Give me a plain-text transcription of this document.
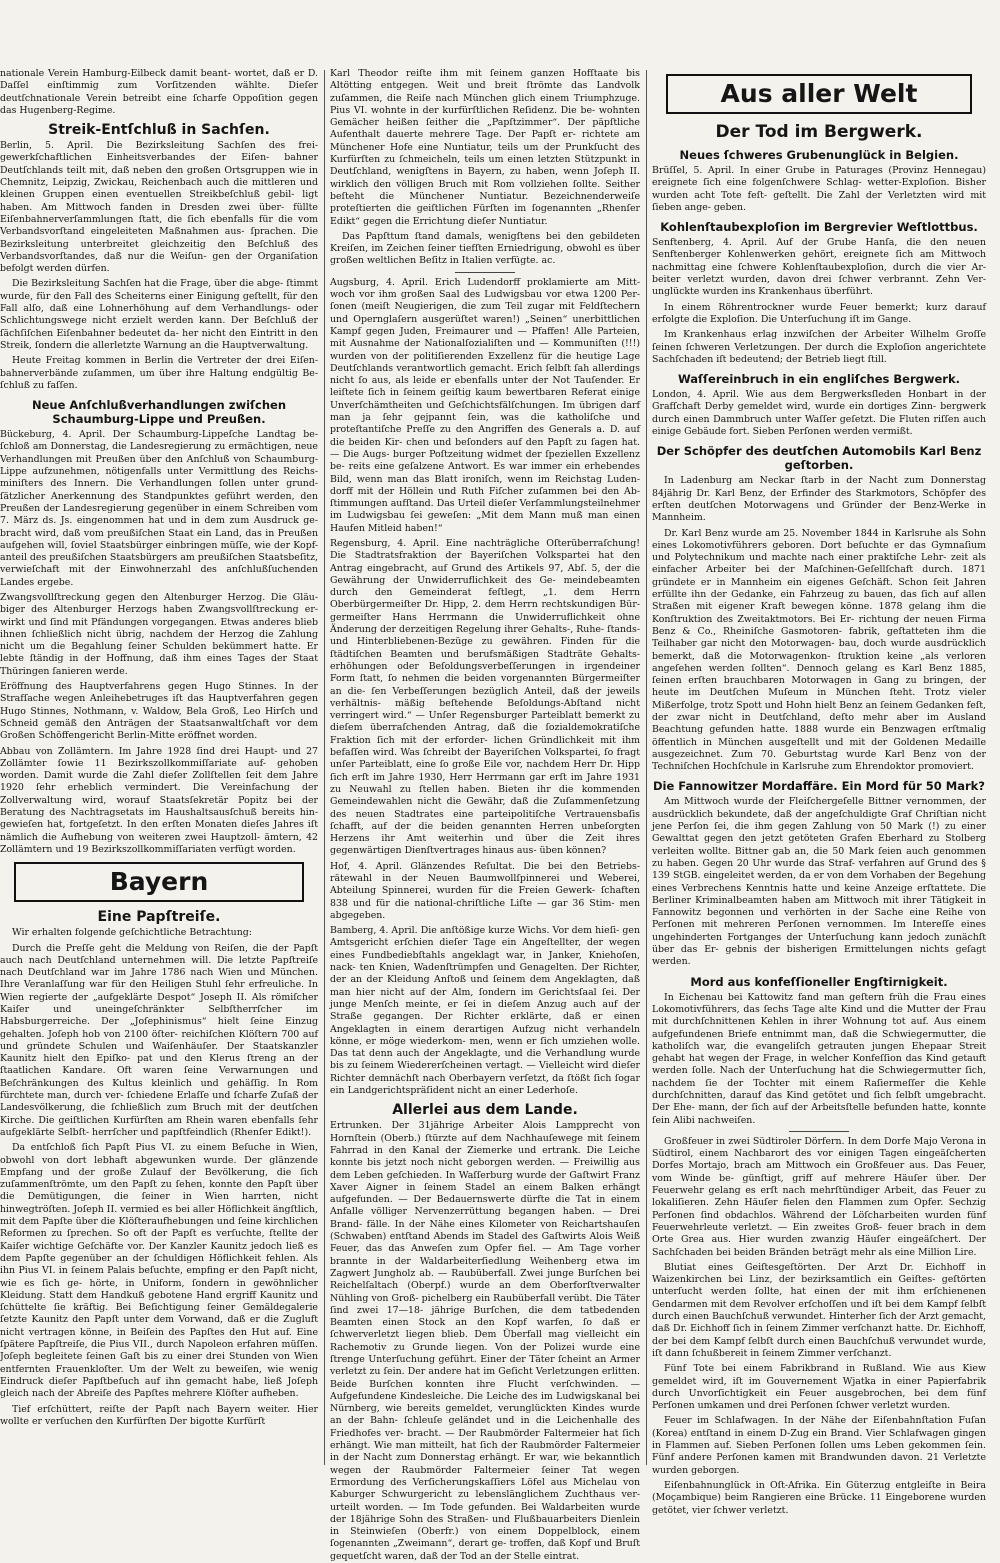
nationale Verein Hamburg-Eilbeck damit beant- wortet, daß er D. Daſſel einſtimmig zum Vorſitzenden wählte. Dieſer deutſchnationale Verein betreibt eine ſcharfe Oppoſition gegen das Hugenberg-Regime.

Streik-Entſchluß in Sachſen.

Berlin, 5. April. Die Bezirksleitung Sachſen des frei- gewerkſchaftlichen Einheitsverbandes der Eiſen- bahner Deutſchlands teilt mit, daß neben den großen Ortsgruppen wie in Chemnitz, Leipzig, Zwickau, Reichenbach auch die mittleren und kleinen Gruppen einen eventuellen Streikbeſchluß gebil- ligt haben. Am Mittwoch fanden in Dresden zwei über- füllte Eiſenbahnerverſammlungen ſtatt, die ſich ebenfalls für die vom Verbandsvorſtand eingeleiteten Maßnahmen aus- ſprachen. Die Bezirksleitung unterbreitet gleichzeitig den Beſchluß des Verbandsvorſtandes, daß nur die Weiſun- gen der Organiſation befolgt werden dürfen.

Die Bezirksleitung Sachſen hat die Frage, über die abge- ſtimmt wurde, für den Fall des Scheiterns einer Einigung geſtellt, für den Fall alſo, daß eine Lohnerhöhung auf dem Verhandlungs- oder Schlichtungswege nicht erzielt werden kann. Der Beſchluß der ſächſiſchen Eiſenbahner bedeutet da- her nicht den Eintritt in den Streik, ſondern die allerletzte Warnung an die Hauptverwaltung.

Heute Freitag kommen in Berlin die Vertreter der drei Eiſen- bahnerverbände zuſammen, um über ihre Haltung endgültig Be- ſchluß zu faſſen.

Neue Anſchlußverhandlungen zwiſchen Schaumburg-Lippe und Preußen.

Bückeburg, 4. April. Der Schaumburg-Lippeſche Landtag be- ſchloß am Donnerstag, die Landesregierung zu ermächtigen, neue Verhandlungen mit Preußen über den Anſchluß von Schaumburg- Lippe aufzunehmen, nötigenfalls unter Vermittlung des Reichs- miniſters des Innern. Die Verhandlungen ſollen unter grund- ſätzlicher Anerkennung des Standpunktes geführt werden, den Preußen der Landesregierung gegenüber in einem Schreiben vom 7. März ds. Js. eingenommen hat und in dem zum Ausdruck ge- bracht wird, daß vom preußiſchen Staat ein Land, das in Preußen aufgehen will, ſoviel Staatsbürger einbringen müſſe, wie der Kopf- anteil des preußiſchen Staatsbürgers am preußiſchen Staatsbeſitz, verwieſchaft mit der Einwohnerzahl des anſchlußſuchenden Landes ergebe.

Zwangsvollſtreckung gegen den Altenburger Herzog. Die Gläu- biger des Altenburger Herzogs haben Zwangsvollſtreckung er- wirkt und ſind mit Pfändungen vorgegangen. Etwas anderes blieb ihnen ſchließlich nicht übrig, nachdem der Herzog die Zahlung nicht um die Begahlung ſeiner Schulden bekümmert hatte. Er lebte ſtändig in der Hoffnung, daß ihm eines Tages der Staat Thüringen ſanieren werde.

Eröffnung des Hauptverfahrens gegen Hugo Stinnes. In der Strafſache wegen Anleihebetruges iſt das Hauptverfahren gegen Hugo Stinnes, Nothmann, v. Waldow, Bela Groß, Leo Hirſch und Schneid gemäß den Anträgen der Staatsanwaltſchaft vor dem Großen Schöffengericht Berlin-Mitte eröffnet worden.

Abbau von Zollämtern. Im Jahre 1928 ſind drei Haupt- und 27 Zollämter ſowie 11 Bezirkszollkommiſſariate auf- gehoben worden. Damit wurde die Zahl dieſer Zollſtellen ſeit dem Jahre 1920 ſehr erheblich vermindert. Die Vereinfachung der Zollverwaltung wird, worauf Staatsſekretär Popitz bei der Beratung des Nachtragsetats im Haushaltsausſchuß bereits hin- gewieſen hat, fortgeſetzt. In den erſten Monaten dieſes Jahres iſt nämlich die Aufhebung von weiteren zwei Hauptzoll- ämtern, 42 Zollämtern und 19 Bezirkszollkommiſſariaten verfügt worden.

Bayern
Eine Papſtreiſe.

Wir erhalten folgende geſchichtliche Betrachtung:

Durch die Preſſe geht die Meldung von Reiſen, die der Papſt auch nach Deutſchland unternehmen will. Die letzte Papſtreiſe nach Deutſchland war im Jahre 1786 nach Wien und München. Ihre Veranlaſſung war für den Heiligen Stuhl ſehr erfreuliche. In Wien regierte der „aufgeklärte Despot“ Joseph II. Als römiſcher Kaiſer und uneingeſchränkter Selbſtherrſcher im Habsburgerreiche. Der „Joſephinismus“ hielt ſeine Einzug gehalten. Joſeph hob von 2100 öſter- reichiſchen Klöſtern 700 auf und gründete Schulen und Waiſenhäuſer. Der Staatskanzler Kaunitz hielt den Epiſko- pat und den Klerus ſtreng an der ſtaatlichen Kandare. Oft waren ſeine Verwarnungen und Beſchränkungen des Kultus kleinlich und gehäſſig. In Rom fürchtete man, durch ver- ſchiedene Erlaſſe und ſcharfe Zuſaß der Landesvölkerung, die ſchließlich zum Bruch mit der deutſchen Kirche. Die geiſtlichen Kurfürſten am Rhein waren ebenfalls ſehr aufgeklärte Selbſt- herrſcher und papſtfeindlich (Rhenſer Edikt!).

Da entſchloß ſich Papſt Pius VI. zu einem Beſuche in Wien, obwohl von dort lebhaft abgewunken wurde. Der glänzende Empfang und der große Zulauf der Bevölkerung, die ſich zuſammenſtrömte, um den Papſt zu ſehen, konnte den Papſt über die Demütigungen, die ſeiner in Wien harrten, nicht hinwegtröſten. Joſeph II. vermied es bei aller Höflichkeit ängſtlich, mit dem Papſte über die Klöſteraufhebungen und ſeine kirchlichen Reformen zu ſprechen. So oft der Papſt es verſuchte, ſtellte der Kaiſer wichtige Geſchäfte vor. Der Kanzler Kaunitz jedoch ließ es dem Papſte gegenüber an der ſchuldigen Höflichkeit fehlen. Als ihn Pius VI. in ſeinem Palais beſuchte, empfing er den Papſt nicht, wie es ſich ge- hörte, in Uniform, ſondern in gewöhnlicher Kleidung. Statt dem Handkuß gebotene Hand ergriff Kaunitz und ſchüttelte ſie kräftig. Bei Beſichtigung ſeiner Gemäldegalerie ſetzte Kaunitz den Papſt unter dem Vorwand, daß er die Zugluft nicht vertragen könne, in Beiſein des Papſtes den Hut auf. Eine ſpätere Papſtreiſe, die Pius VII., durch Napoleon erfahren müſſen. Joſeph begleitete ſeinen Gaſt bis zu einer drei Stunden von Wien entfernten Frauenkloſter. Um der Welt zu beweiſen, wie wenig Eindruck dieſer Papſtbeſuch auf ihn gemacht habe, ließ Joſeph gleich nach der Abreiſe des Papſtes mehrere Klöſter aufheben.

Tief erſchüttert, reiſte der Papſt nach Bayern weiter. Hier wollte er verſuchen den Kurfürſten Der bigotte Kurfürſt

Karl Theodor reiſte ihm mit ſeinem ganzen Hofſtaate bis Altötting entgegen. Weit und breit ſtrömte das Landvolk zuſammen, die Reiſe nach München glich einem Triumphzuge. Pius VI. wohnte in der kurfürſtlichen Reſidenz. Die be- wohnten Gemächer heißen ſeither die „Papſtzimmer“. Der päpſtliche Aufenthalt dauerte mehrere Tage. Der Papſt er- richtete am Münchener Hofe eine Nuntiatur, teils um der Prunkſucht des Kurfürſten zu ſchmeicheln, teils um einen letzten Stützpunkt in Deutſchland, wenigſtens in Bayern, zu haben, wenn Joſeph II. wirklich den völligen Bruch mit Rom vollziehen ſollte. Seither beſteht die Münchener Nuntiatur. Bezeichnenderweiſe proteſtierten die geiſtlichen Fürſten im ſogenannten „Rhenſer Edikt“ gegen die Errichtung dieſer Nuntiatur.

Das Papſttum ſtand damals, wenigſtens bei den gebildeten Kreiſen, im Zeichen ſeiner tiefſten Erniedrigung, obwohl es über großen weltlichen Beſitz in Italien verfügte. ac.

Augsburg, 4. April. Erich Ludendorff proklamierte am Mitt- woch vor ihm großen Saal des Ludwigsbau vor etwa 1200 Per- ſonen (meiſt Neugierigen, die zum Teil zugar mit Feldſtechern und Opernglaſern ausgerüſtet waren!) „Seinen“ unerbittlichen Kampf gegen Juden, Freimaurer und — Pfaffen! Alle Parteien, mit Ausnahme der Nationalſozialiſten und — Kommuniſten (!!!) wurden von der politiſierenden Exzellenz für die heutige Lage Deutſchlands verantwortlich gemacht. Erich ſelbſt ſah allerdings nicht ſo aus, als leide er ebenfalls unter der Not Tauſender. Er leiſtete ſich in ſeinem geiſtig kaum bewertbaren Referat einige Unverſchämtheiten und Geſchichtsfälſchungen. Im übrigen darf man ja ſehr gejpannt ſein, was die katholiſche und proteſtantiſche Preſſe zu den Angriffen des Generals a. D. auf die beiden Kir- chen und beſonders auf den Papſt zu ſagen hat. — Die Augs- burger Poſtzeitung widmet der ſpeziellen Exzellenz be- reits eine geſalzene Antwort. Es war immer ein erhebendes Bild, wenn man das Blatt ironiſch, wenn im Reichstag Luden- dorff mit der Höllein und Ruth Fiſcher zuſammen bei den Ab- ſtimmungen aufſtand. Das Urteil dieſer Verſammlungsteilnehmer im Ludwigsbau ſei geweſen: „Mit dem Mann muß man einen Haufen Mitleid haben!“

Regensburg, 4. April. Eine nachträgliche Oſterüberraſchung! Die Stadtratsfraktion der Bayeriſchen Volkspartei hat den Antrag eingebracht, auf Grund des Artikels 97, Abſ. 5, der die Gewährung der Unwiderruflichkeit des Ge- meindebeamten durch den Gemeinderat feſtlegt, „1. dem Herrn Oberbürgermeiſter Dr. Hipp, 2. dem Herrn rechtskundigen Bür- germeiſter Hans Herrmann die Unwiderruflichkeit ohne Änderung der derzeitigen Regelung ihrer Gehalts-, Ruhe- ſtands- und Hinterbliebenen-Bezüge zu gewähren. Finden für die ſtädtiſchen Beamten und berufsmäßigen Stadträte Gehalts- erhöhungen oder Beſoldungsverbeſſerungen in irgendeiner Form ſtatt, ſo nehmen die beiden vorgenannten Bürgermeiſter an die- ſen Verbeſſerungen bezüglich Anteil, daß der jeweils verhältnis- mäßig beſtehende Beſoldungs-Abſtand nicht verringert wird.“ — Unſer Regensburger Parteiblatt bemerkt zu dieſem überraſchenden Antrag, daß die ſozialdemokratiſche Fraktion ſich mit der erforder- lichen Gründlichkeit mit ihm befaſſen wird. Was ſchreibt der Bayeriſchen Volkspartei, ſo fragt unſer Parteiblatt, eine ſo große Eile vor, nachdem Herr Dr. Hipp ſich erſt im Jahre 1930, Herr Herrmann gar erſt im Jahre 1931 zu Neuwahl zu ſtellen haben. Bieten ihr die kommenden Gemeindewahlen nicht die Gewähr, daß die Zuſammenſetzung des neuen Stadtrates eine parteipolitiſche Vertrauensbaſis ſchafft, auf der die beiden genannten Herren unbeſorgten Herzens ihr Amt weiterhin und über die Zeit ihres gegenwärtigen Dienſtvertrages hinaus aus- üben können?

Hof, 4. April. Glänzendes Reſultat. Die bei den Betriebs- rätewahl in der Neuen Baumwollſpinnerei und Weberei, Abteilung Spinnerei, wurden für die Freien Gewerk- ſchaften 838 und für die national-chriſtliche Liſte — gar 36 Stim- men abgegeben.

Bamberg, 4. April. Die anſtößige kurze Wichs. Vor dem hieſi- gen Amtsgericht erſchien dieſer Tage ein Angeſtellter, der wegen eines Fundbediebſtahls angeklagt war, in Janker, Kniehoſen, nack- ten Knien, Wadenſtrümpfen und Genagelten. Der Richter, der an der Kleidung Anſtoß und ſeinem dem Angeklagten, daß man hier nicht auf der Alm, ſondern im Gerichtsſaal ſei. Der junge Menſch meinte, er ſei in dieſem Anzug auch auf der Straße gegangen. Der Richter erklärte, daß er einen Angeklagten in einem derartigen Aufzug nicht verhandeln könne, er möge wiederkom- men, wenn er ſich umziehen wolle. Das tat denn auch der Angeklagte, und die Verhandlung wurde bis zu ſeinem Wiedererſcheinen vertagt. — Vielleicht wird dieſer Richter demnächſt nach Oberbayern verſetzt, da ſtößt ſich ſogar ein Landgerichtspräſident nicht an einer Lederhoſe.

Allerlei aus dem Lande.

Ertrunken. Der 31jährige Arbeiter Alois Lampprecht von Hornſtein (Oberb.) ſtürzte auf dem Nachhauſewege mit ſeinem Fahrrad in den Kanal der Ziemerke und ertrank. Die Leiche konnte bis jetzt noch nicht geborgen werden. — Freiwillig aus dem Leben geſchieden. In Waſſerburg wurde der Gaſtwirt Franz Xaver Aigner in ſeinem Stadel an einem Balken erhängt aufgefunden. — Der Bedauernswerte dürfte die Tat in einem Anfalle völliger Nervenzerrüttung begangen haben. — Drei Brand- fälle. In der Nähe eines Kilometer von Reichartshauſen (Schwaben) entſtand Abends im Stadel des Gaſtwirts Alois Weiß Feuer, das das Anweſen zum Opfer fiel. — Am Tage vorher brannte in der Waldarbeiterſiedlung Weihenberg etwa im Zagwert Jungholz ab. — Raubüberfall. Zwei junge Burſchen bei Reichelſaltach (Oberpf.) wurde an dem Oberforſtverwalter Nühling von Groß- pichelberg ein Raubüberfall verübt. Die Täter ſind zwei 17—18- jährige Burſchen, die dem tatbedenden Beamten einen Stock an den Kopf warfen, ſo daß er ſchwerverletzt liegen blieb. Dem Überfall mag vielleicht ein Rachemotiv zu Grunde liegen. Von der Polizei wurde eine ſtrenge Unterſuchung geführt. Einer der Täter ſcheint an Armer verletzt zu ſein. Der andere hat im Geſicht Verletzungen erlitten. Beide Burſchen konnten ihre Flucht verſchwinden. — Aufgefundene Kindesleiche. Die Leiche des im Ludwigskanal bei Nürnberg, wie bereits gemeldet, verunglückten Kindes wurde an der Bahn- ſchleuſe geländet und in die Leichenhalle des Friedhofes ver- bracht. — Der Raubmörder Faltermeier hat ſich erhängt. Wie man mitteilt, hat ſich der Raubmörder Faltermeier in der Nacht zum Donnerstag erhängt. Er war, wie bekanntlich wegen der Raubmörder Faltermeier ſeiner Tat wegen Ermordung des Verſicherungskaſſiers Löfel aus Michelau von Kaburger Schwurgericht zu lebenslänglichem Zuchthaus ver- urteilt worden. — Im Tode gefunden. Bei Waldarbeiten wurde der 18jährige Sohn des Straßen- und Flußbauarbeiters Dienlein in Steinwieſen (Oberfr.) von einem Doppelblock, einem ſogenannten „Zweimann“, derart ge- troffen, daß Kopf und Bruſt gequetſcht waren, daß der Tod an der Stelle eintrat.

Aus aller Welt
Der Tod im Bergwerk.
Neues ſchweres Grubenunglück in Belgien.

Brüſſel, 5. April. In einer Grube in Paturages (Provinz Hennegau) ereignete ſich eine folgenſchwere Schlag- wetter-Exploſion. Bisher wurden acht Tote feſt- geſtellt. Die Zahl der Verletzten wird mit ſieben ange- geben.

Kohlenſtaubexploſion im Bergrevier Weſtlottbus.

Senftenberg, 4. April. Auf der Grube Hanſa, die den neuen Senftenberger Kohlenwerken gehört, ereignete ſich am Mittwoch nachmittag eine ſchwere Kohlenſtaubexploſion, durch die vier Ar- beiter verletzt wurden, davon drei ſchwer verbrannt. Zehn Ver- unglückte wurden ins Krankenhaus überführt.

In einem Röhrentrockner wurde Feuer bemerkt; kurz darauf erfolgte die Exploſion. Die Unterſuchung iſt im Gange.

Im Krankenhaus erlag inzwiſchen der Arbeiter Wilhelm Groſſe ſeinen ſchweren Verletzungen. Der durch die Exploſion angerichtete Sachſchaden iſt bedeutend; der Betrieb liegt ſtill.

Waſſereinbruch in ein engliſches Bergwerk.

London, 4. April. Wie aus dem Bergwerksſleden Honbart in der Grafſchaft Derby gemeldet wird, wurde ein dortiges Zinn- bergwerk durch einen Dammbruch unter Waſſer geſetzt. Die Fluten riſſen auch einige Gebäude fort. Sieben Perſonen werden vermißt.

Der Schöpfer des deutſchen Automobils Karl Benz geſtorben.

In Ladenburg am Neckar ſtarb in der Nacht zum Donnerstag 84jährig Dr. Karl Benz, der Erfinder des Starkmotors, Schöpfer des erſten deutſchen Motorwagens und Gründer der Benz-Werke in Mannheim.

Dr. Karl Benz wurde am 25. November 1844 in Karlsruhe als Sohn eines Lokomotivführers geboren. Dort beſuchte er das Gymnaſium und Polytechnikum und machte nach einer praktiſche Lehr- zeit als einfacher Arbeiter bei der Maſchinen-Geſellſchaft durch. 1871 gründete er in Mannheim ein eigenes Geſchäft. Schon ſeit Jahren erfüllte ihn der Gedanke, ein Fahrzeug zu bauen, das ſich auf allen Straßen mit eigener Kraft bewegen könne. 1878 gelang ihm die Konſtruktion des Zweitaktmotors. Bei Er- richtung der neuen Firma Benz & Co., Rheiniſche Gasmotoren- fabrik, geſtatteten ihm die Teilhaber gar nicht den Motorwagen- bau, doch wurde ausdrücklich bemerkt, daß die Motorwagenkon- ſtruktion keine „als verloren angeſehen werden ſollten“. Dennoch gelang es Karl Benz 1885, ſeinen erſten brauchbaren Motorwagen in Gang zu bringen, der heute im Deutſchen Muſeum in München ſteht. Trotz vieler Mißerfolge, trotz Spott und Hohn hielt Benz an ſeinem Gedanken feſt, der zwar nicht in Deutſchland, deſto mehr aber im Ausland Beachtung gefunden hatte. 1888 wurde ein Benzwagen erſtmalig öffentlich in München ausgeſtellt und mit der Goldenen Medaille ausgezeichnet. Zum 70. Geburtstag wurde Karl Benz von der Techniſchen Hochſchule in Karlsruhe zum Ehrendoktor promoviert.

Die Fannowitzer Mordaffäre. Ein Mord für 50 Mark?

Am Mittwoch wurde der Fleiſchergeſelle Bittner vernommen, der ausdrücklich bekundete, daß der angeſchuldigte Graf Chriſtian nicht jene Perſon ſei, die ihm gegen Zahlung von 50 Mark (!) zu einer Gewalttat gegen den jetzt getöteten Grafen Eberhard zu Stolberg verleiten wollte. Bittner gab an, die 50 Mark ſeien auch genommen zu haben. Gegen 20 Uhr wurde das Straf- verfahren auf Grund des § 139 StGB. eingeleitet werden, da er von dem Vorhaben der Begehung eines Verbrechens Kenntnis hatte und keine Anzeige erſtattete. Die Berliner Kriminalbeamten haben am Mittwoch mit ihrer Tätigkeit in Fannowitz begonnen und verhörten in der Sache eine Reihe von Perſonen mit mehreren Perſonen vernommen. Im Intereſſe eines ungehinderten Fortganges der Unterſuchung kann jedoch zunächſt über das Er- gebnis der bisherigen Ermittelungen nichts geſagt werden.

Mord aus konfeſſioneller Engſtirnigkeit.

In Eichenau bei Kattowitz fand man geſtern früh die Frau eines Lokomotivführers, das ſechs Tage alte Kind und die Mutter der Frau mit durchſchnittenen Kehlen in ihrer Wohnung tot auf. Aus einem aufgefundenen Briefe entnimmt man, daß die Schwiegermutter, die katholiſch war, die evangeliſch getrauten jungen Ehepaar Streit gehabt hat wegen der Frage, in welcher Konfeſſion das Kind getauft werden ſolle. Nach der Unterſuchung hat die Schwiegermutter ſich, nachdem ſie der Tochter mit einem Raſiermeſſer die Kehle durchſchnitten, darauf das Kind getötet und ſich ſelbſt umgebracht. Der Ehe- mann, der ſich auf der Arbeitsſtelle befunden hatte, konnte ſein Alibi nachweiſen.

Großfeuer in zwei Südtiroler Dörfern. In dem Dorfe Majo Verona in Südtirol, einem Nachbarort des vor einigen Tagen eingeäſcherten Dorfes Mortajo, brach am Mittwoch ein Großfeuer aus. Das Feuer, vom Winde be- günſtigt, griff auf mehrere Häuſer über. Der Feuerwehr gelang es erſt nach mehrſtündiger Arbeit, das Feuer zu lokaliſieren. Zehn Häuſer fielen den Flammen zum Opfer. Sechzig Perſonen ſind obdachlos. Während der Löſcharbeiten wurden fünf Feuerwehrleute verletzt. — Ein zweites Groß- feuer brach in dem Orte Grea aus. Hier wurden zwanzig Häuſer eingeäſchert. Der Sachſchaden bei beiden Bränden beträgt mehr als eine Million Lire.

Blutiat eines Geiſtesgeſtörten. Der Arzt Dr. Eichhoff in Waizenkirchen bei Linz, der bezirksamtlich ein Geiſtes- geſtörten unterſucht werden ſollte, hat einen der mit ihm erſchienenen Gendarmen mit dem Revolver erſchoſſen und iſt bei dem Kampf ſelbſt durch einen Bauchſchuß verwundet. Hinterher ſich der Arzt gemacht, daß Dr. Eichhoff ſich in ſeinem Zimmer verſchanzt hatte. Dr. Eichhoff, der bei dem Kampf ſelbſt durch einen Bauchſchuß verwundet wurde, iſt dann ſchußbereit in ſeinem Zimmer verſchanzt.

Fünf Tote bei einem Fabrikbrand in Rußland. Wie aus Kiew gemeldet wird, iſt im Gouvernement Wjatka in einer Papierfabrik durch Unvorſichtigkeit ein Feuer ausgebrochen, bei dem fünf Perſonen umkamen und drei Perſonen ſchwer verletzt wurden.

Feuer im Schlafwagen. In der Nähe der Eiſenbahnſtation Fuſan (Korea) entſtand in einem D-Zug ein Brand. Vier Schlafwagen gingen in Flammen auf. Sieben Perſonen ſollen ums Leben gekommen ſein. Fünf andere Perſonen kamen mit Brandwunden davon. 21 Verletzte wurden geborgen.

Eiſenbahnunglück in Oſt-Afrika. Ein Güterzug entgleiſte in Beira (Moçambique) beim Rangieren eine Brücke. 11 Eingeborene wurden getötet, vier ſchwer verletzt.
